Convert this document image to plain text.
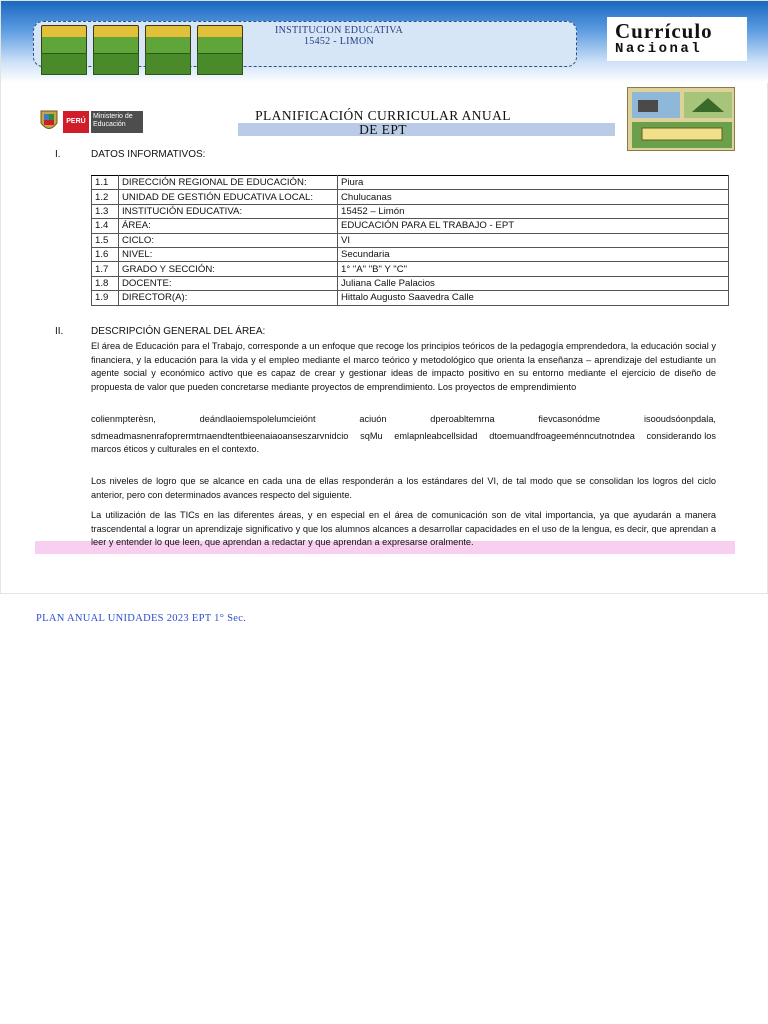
INSTITUCION EDUCATIVA
15452 - LIMON	Currículo
Nacional
PERÚ
Ministerio de Educación
PLANIFICACIÓN CURRICULAR ANUAL
DE EPT
I.	DATOS INFORMATIVOS:
1.1	DIRECCIÓN REGIONAL DE EDUCACIÓN:	Piura
1.2	UNIDAD DE GESTIÓN EDUCATIVA LOCAL:	Chulucanas
1.3	INSTITUCIÓN EDUCATIVA:	15452 – Limón
1.4	ÁREA:	EDUCACIÓN PARA EL TRABAJO - EPT
1.5	CICLO:	VI
1.6	NIVEL:	Secundaria
1.7	GRADO Y SECCIÓN:	1° "A" "B" Y "C"
1.8	DOCENTE:	Juliana Calle Palacios
1.9	DIRECTOR(A):	Hittalo Augusto Saavedra Calle
II.	DESCRIPCIÓN GENERAL DEL ÁREA:
El área de Educación para el Trabajo, corresponde a un enfoque que recoge los principios teóricos de la pedagogía emprendedora, la educación social y financiera, y la educación para la vida y el empleo mediante el marco teórico y metodológico que orienta la enseñanza – aprendizaje del estudiante un agente social y económico activo que es capaz de crear y gestionar ideas de impacto positivo en su entorno mediante el ejercicio de diseño de propuesta de valor que pueden concretarse mediante proyectos de emprendimiento. Los proyectos de emprendimiento
colienmpterèsn,	deándlaoiemspolelumcieiónt	aciuón	dperoabltemrna	fievcasonódme	isooudsóonpdala,
sdmeadmasnenrafoprermtrnaendtentbieenaiaoanseszarvnidcio sqMu emlapnleabcellsidad dtoemuandfroageeménncutnotndea considerando los
marcos éticos y culturales en el contexto.
Los niveles de logro que se alcance en cada una de ellas responderán a los estándares del VI, de tal modo que se consolidan los logros del ciclo anterior, pero con determinados avances respecto del siguiente.
La utilización de las TICs en las diferentes áreas, y en especial en el área de comunicación son de vital importancia, ya que ayudarán a manera trascendental a lograr un aprendizaje significativo y que los alumnos alcances a desarrollar capacidades en el uso de la lengua, es decir, que aprendan a leer y entender lo que leen, que aprendan a redactar y que aprendan a expresarse oralmente.
PLAN ANUAL UNIDADES 2023 EPT 1° Sec.
